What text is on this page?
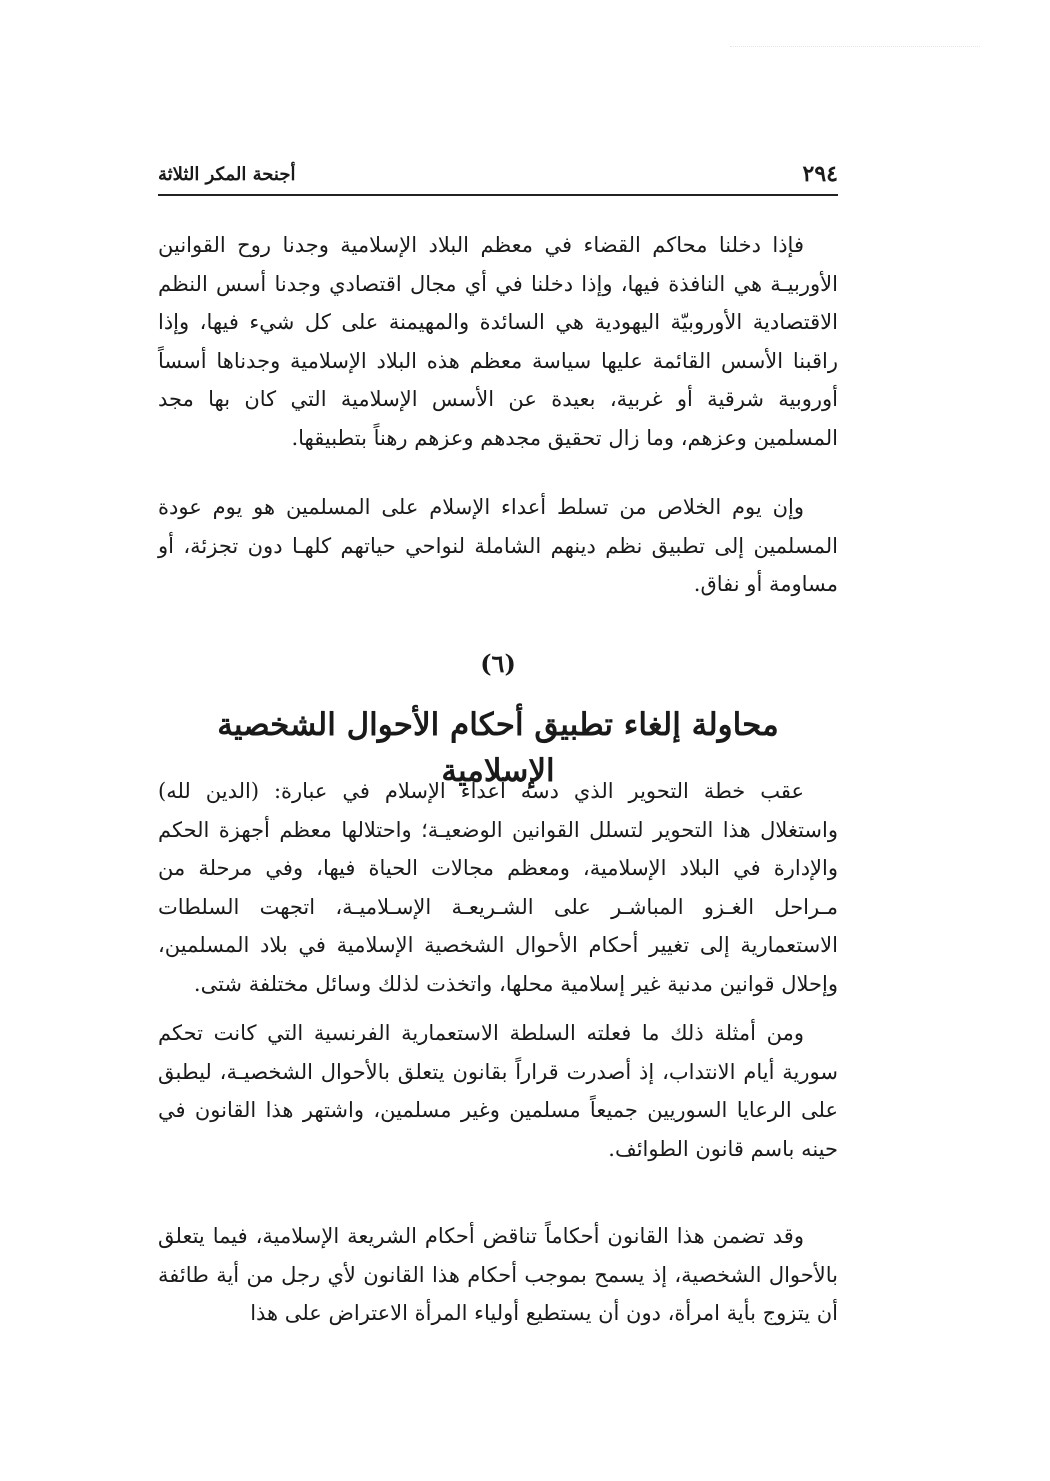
٢٩٤
أجنحة المكر الثلاثة

فإذا دخلنا محاكم القضاء في معظم البلاد الإسلامية وجدنا روح القوانين الأوربيـة هي النافذة فيها، وإذا دخلنا في أي مجال اقتصادي وجدنا أسس النظم الاقتصادية الأوروبيّة اليهودية هي السائدة والمهيمنة على كل شيء فيها، وإذا راقبنا الأسس القائمة عليها سياسة معظم هذه البلاد الإسلامية وجدناها أسساً أوروبية شرقية أو غربية، بعيدة عن الأسس الإسلامية التي كان بها مجد المسلمين وعزهم، وما زال تحقيق مجدهم وعزهم رهناً بتطبيقها.

وإن يوم الخلاص من تسلط أعداء الإسلام على المسلمين هو يوم عودة المسلمين إلى تطبيق نظم دينهم الشاملة لنواحي حياتهم كلهـا دون تجزئة، أو مساومة أو نفاق.

(٦)
محاولة إلغاء تطبيق أحكام الأحوال الشخصية الإسلامية

عقب خطة التحوير الذي دسه أعداء الإسلام في عبارة: (الدين لله) واستغلال هذا التحوير لتسلل القوانين الوضعيـة؛ واحتلالها معظم أجهزة الحكم والإدارة في البلاد الإسلامية، ومعظم مجالات الحياة فيها، وفي مرحلة من مـراحل الغـزو المباشـر على الشـريعـة الإسـلاميـة، اتجهت السلطات الاستعمارية إلى تغيير أحكام الأحوال الشخصية الإسلامية في بلاد المسلمين، وإحلال قوانين مدنية غير إسلامية محلها، واتخذت لذلك وسائل مختلفة شتى.

ومن أمثلة ذلك ما فعلته السلطة الاستعمارية الفرنسية التي كانت تحكم سورية أيام الانتداب، إذ أصدرت قراراً بقانون يتعلق بالأحوال الشخصيـة، ليطبق على الرعايا السوريين جميعاً مسلمين وغير مسلمين، واشتهر هذا القانون في حينه باسم قانون الطوائف.

وقد تضمن هذا القانون أحكاماً تناقض أحكام الشريعة الإسلامية، فيما يتعلق بالأحوال الشخصية، إذ يسمح بموجب أحكام هذا القانون لأي رجل من أية طائفة أن يتزوج بأية امرأة، دون أن يستطيع أولياء المرأة الاعتراض على هذا
